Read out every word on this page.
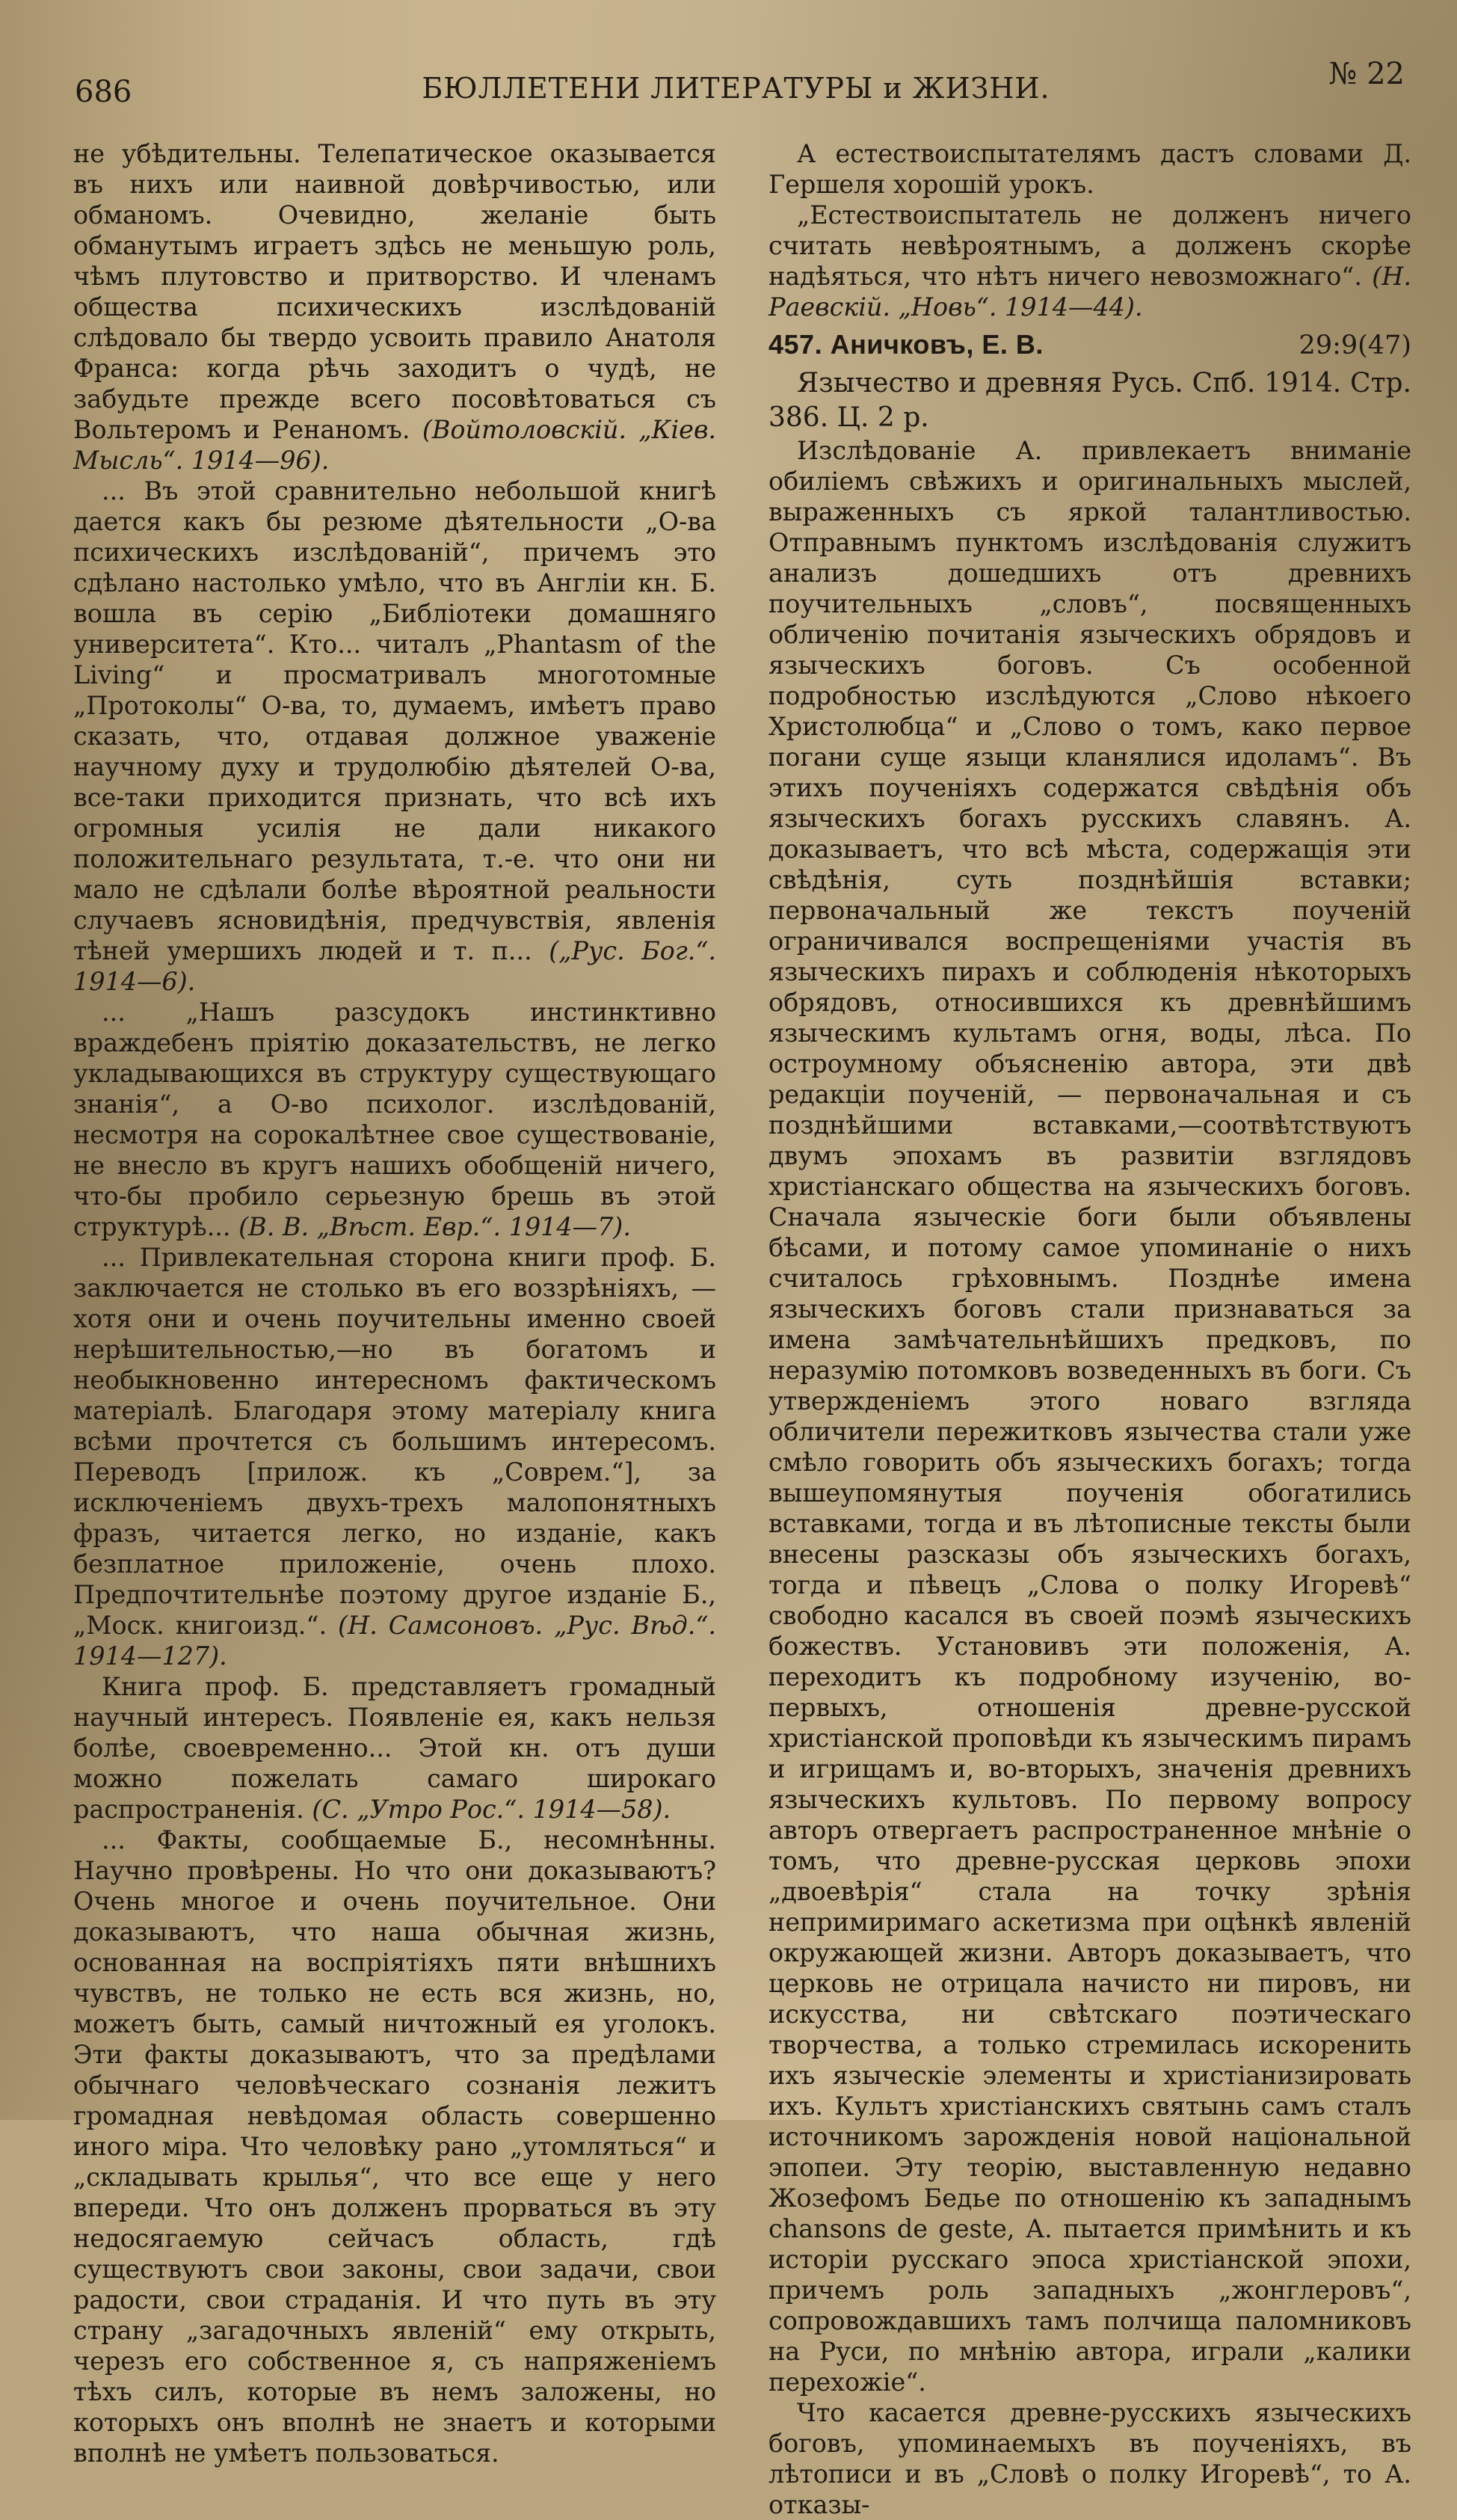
686	БЮЛЛЕТЕНИ ЛИТЕРАТУРЫ и ЖИЗНИ.	№ 22

не убѣдительны. Телепатическое оказывается въ нихъ или наивной довѣрчивостью, или обманомъ. Очевидно, желаніе быть обманутымъ играетъ здѣсь не меньшую роль, чѣмъ плутовство и притворство. И членамъ общества психическихъ изслѣдованій слѣдовало бы твердо усвоить правило Анатоля Франса: когда рѣчь заходитъ о чудѣ, не забудьте прежде всего посовѣтоваться съ Вольтеромъ и Ренаномъ. (Войтоловскій. „Кіев. Мысль“. 1914—96).

... Въ этой сравнительно небольшой книгѣ дается какъ бы резюме дѣятельности „О-ва психическихъ изслѣдованій“, причемъ это сдѣлано настолько умѣло, что въ Англіи кн. Б. вошла въ серію „Библіотеки домашняго университета“. Кто... читалъ „Phantasm of the Living“ и просматривалъ многотомные „Протоколы“ О-ва, то, думаемъ, имѣетъ право сказать, что, отдавая должное уваженіе научному духу и трудолюбію дѣятелей О-ва, все-таки приходится признать, что всѣ ихъ огромныя усилія не дали никакого положительнаго результата, т.-е. что они ни мало не сдѣлали болѣе вѣроятной реальности случаевъ ясновидѣнія, предчувствія, явленія тѣней умершихъ людей и т. п... („Рус. Бог.“. 1914—6).

... „Нашъ разсудокъ инстинктивно враждебенъ пріятію доказательствъ, не легко укладывающихся въ структуру существующаго знанія“, а О-во психолог. изслѣдованій, несмотря на сорокалѣтнее свое существованіе, не внесло въ кругъ нашихъ обобщеній ничего, что-бы пробило серьезную брешь въ этой структурѣ... (В. В. „Вѣст. Евр.“. 1914—7).

... Привлекательная сторона книги проф. Б. заключается не столько въ его воззрѣніяхъ, — хотя они и очень поучительны именно своей нерѣшительностью,—но въ богатомъ и необыкновенно интересномъ фактическомъ матеріалѣ. Благодаря этому матеріалу книга всѣми прочтется съ большимъ интересомъ. Переводъ [прилож. къ „Соврем.“], за исключеніемъ двухъ-трехъ малопонятныхъ фразъ, читается легко, но изданіе, какъ безплатное приложеніе, очень плохо. Предпочтительнѣе поэтому другое изданіе Б., „Моск. книгоизд.“. (Н. Самсоновъ. „Рус. Вѣд.“. 1914—127).

Книга проф. Б. представляетъ громадный научный интересъ. Появленіе ея, какъ нельзя болѣе, своевременно... Этой кн. отъ души можно пожелать самаго широкаго распространенія. (С. „Утро Рос.“. 1914—58).

... Факты, сообщаемые Б., несомнѣнны. Научно провѣрены. Но что они доказываютъ? Очень многое и очень поучительное. Они доказываютъ, что наша обычная жизнь, основанная на воспріятіяхъ пяти внѣшнихъ чувствъ, не только не есть вся жизнь, но, можетъ быть, самый ничтожный ея уголокъ. Эти факты доказываютъ, что за предѣлами обычнаго человѣческаго сознанія лежитъ громадная невѣдомая область совершенно иного міра. Что человѣку рано „утомляться“ и „складывать крылья“, что все еще у него впереди. Что онъ долженъ прорваться въ эту недосягаемую сейчасъ область, гдѣ существуютъ свои законы, свои задачи, свои радости, свои страданія. И что путь въ эту страну „загадочныхъ явленій“ ему открыть, черезъ его собственное я, съ напряженіемъ тѣхъ силъ, которые въ немъ заложены, но которыхъ онъ вполнѣ не знаетъ и которыми вполнѣ не умѣетъ пользоваться.

А естествоиспытателямъ дастъ словами Д. Гершеля хорошій урокъ.

„Естествоиспытатель не долженъ ничего считать невѣроятнымъ, а долженъ скорѣе надѣяться, что нѣтъ ничего невозможнаго“. (Н. Раевскій. „Новь“. 1914—44).

457. Аничковъ, Е. В.	29:9(47)

Язычество и древняя Русь. Спб. 1914. Стр. 386. Ц. 2 р.

Изслѣдованіе А. привлекаетъ вниманіе обиліемъ свѣжихъ и оригинальныхъ мыслей, выраженныхъ съ яркой талантливостью. Отправнымъ пунктомъ изслѣдованія служитъ анализъ дошедшихъ отъ древнихъ поучительныхъ „словъ“, посвященныхъ обличенію почитанія языческихъ обрядовъ и языческихъ боговъ. Съ особенной подробностью изслѣдуются „Слово нѣкоего Христолюбца“ и „Слово о томъ, како первое погани суще языци кланялися идоламъ“. Въ этихъ поученіяхъ содержатся свѣдѣнія объ языческихъ богахъ русскихъ славянъ. А. доказываетъ, что всѣ мѣста, содержащія эти свѣдѣнія, суть позднѣйшія вставки; первоначальный же текстъ поученій ограничивался воспрещеніями участія въ языческихъ пирахъ и соблюденія нѣкоторыхъ обрядовъ, относившихся къ древнѣйшимъ языческимъ культамъ огня, воды, лѣса. По остроумному объясненію автора, эти двѣ редакціи поученій, — первоначальная и съ позднѣйшими вставками,—соотвѣтствуютъ двумъ эпохамъ въ развитіи взглядовъ христіанскаго общества на языческихъ боговъ. Сначала языческіе боги были объявлены бѣсами, и потому самое упоминаніе о нихъ считалось грѣховнымъ. Позднѣе имена языческихъ боговъ стали признаваться за имена замѣчательнѣйшихъ предковъ, по неразумію потомковъ возведенныхъ въ боги. Съ утвержденіемъ этого новаго взгляда обличители пережитковъ язычества стали уже смѣло говорить объ языческихъ богахъ; тогда вышеупомянутыя поученія обогатились вставками, тогда и въ лѣтописные тексты были внесены разсказы объ языческихъ богахъ, тогда и пѣвецъ „Слова о полку Игоревѣ“ свободно касался въ своей поэмѣ языческихъ божествъ. Установивъ эти положенія, А. переходитъ къ подробному изученію, во-первыхъ, отношенія древне-русской христіанской проповѣди къ языческимъ пирамъ и игрищамъ и, во-вторыхъ, значенія древнихъ языческихъ культовъ. По первому вопросу авторъ отвергаетъ распространенное мнѣніе о томъ, что древне-русская церковь эпохи „двоевѣрія“ стала на точку зрѣнія непримиримаго аскетизма при оцѣнкѣ явленій окружающей жизни. Авторъ доказываетъ, что церковь не отрицала начисто ни пировъ, ни искусства, ни свѣтскаго поэтическаго творчества, а только стремилась искоренить ихъ языческіе элементы и христіанизировать ихъ. Культъ христіанскихъ святынь самъ сталъ источникомъ зарожденія новой національной эпопеи. Эту теорію, выставленную недавно Жозефомъ Бедье по отношенію къ западнымъ chansons de geste, А. пытается примѣнить и къ исторіи русскаго эпоса христіанской эпохи, причемъ роль западныхъ „жонглеровъ“, сопровождавшихъ тамъ полчища паломниковъ на Руси, по мнѣнію автора, играли „калики перехожіе“.

Что касается древне-русскихъ языческихъ боговъ, упоминаемыхъ въ поученіяхъ, въ лѣтописи и въ „Словѣ о полку Игоревѣ“, то А. отказы-
